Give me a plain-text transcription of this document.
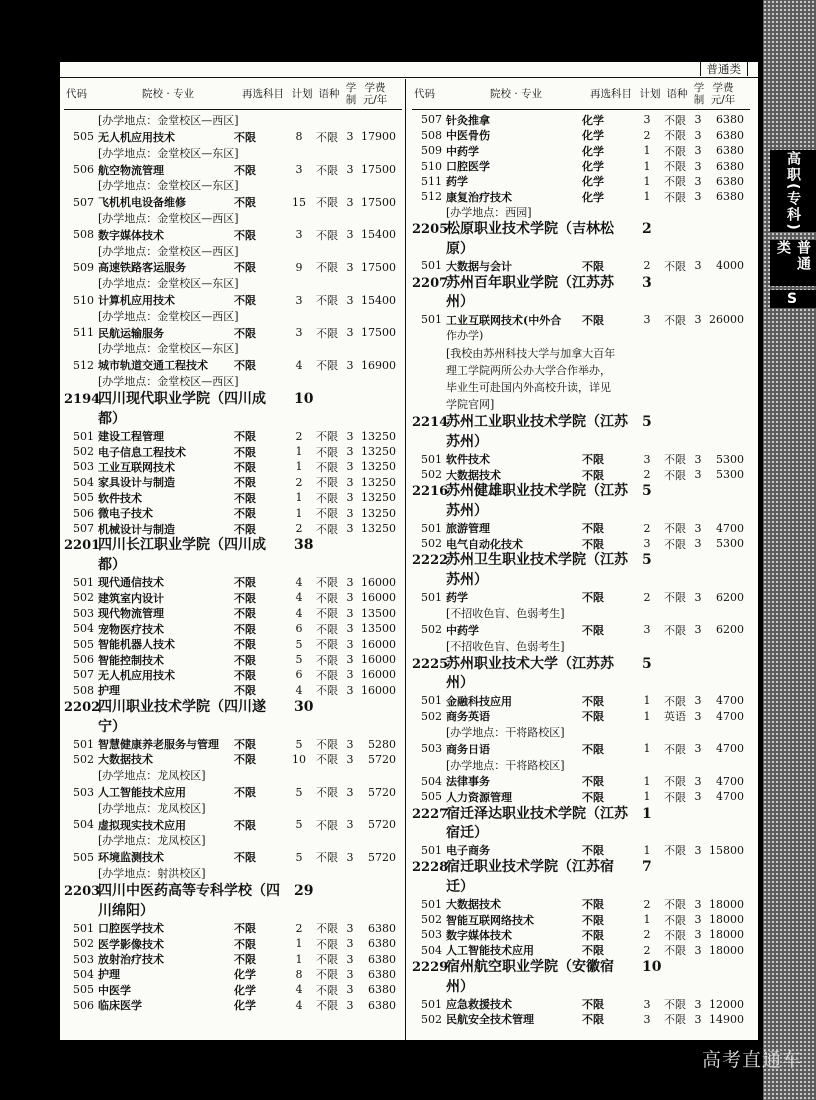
高职(专科)
普通类
S
普通类
代码	院校 · 专业	再选科目 计划 语种 学制
学费元/年
[办学地点：金堂校区—西区]
505 无人机应用技术	不限	8	不限 3 17900
[办学地点：金堂校区—东区]
506 航空物流管理	不限	3	不限 3 17500
[办学地点：金堂校区—东区]
507 飞机机电设备维修	不限	15 不限 3 17500
[办学地点：金堂校区—西区]
508 数字媒体技术	不限	3	不限 3 15400
[办学地点：金堂校区—西区]
509 高速铁路客运服务	不限	9	不限 3 17500
[办学地点：金堂校区—东区]
510 计算机应用技术	不限	3	不限 3 15400
[办学地点：金堂校区—西区]
511 民航运输服务	不限	3	不限 3 17500
[办学地点：金堂校区—东区]
512 城市轨道交通工程技术	不限	4	不限 3 16900
[办学地点：金堂校区—西区]
2194
四川现代职业学院（四川成	10
都）
501 建设工程管理	不限	2	不限 3 13250
502 电子信息工程技术	不限	1	不限 3 13250
503 工业互联网技术	不限	1	不限 3 13250
504 家具设计与制造	不限	2	不限 3 13250
505 软件技术	不限	1	不限 3 13250
506 微电子技术	不限	1	不限 3 13250
507 机械设计与制造	不限	2	不限 3 13250
2201
四川长江职业学院（四川成	38
都）
501 现代通信技术	不限	4	不限 3 16000
502 建筑室内设计	不限	4	不限 3 16000
503 现代物流管理	不限	4	不限 3 13500
504 宠物医疗技术	不限	6	不限 3 13500
505 智能机器人技术	不限	5	不限 3 16000
506 智能控制技术	不限	5	不限 3 16000
507 无人机应用技术	不限	6	不限 3 16000
508 护理	不限	4	不限 3 16000
2202
四川职业技术学院（四川遂	30
宁）
501 智慧健康养老服务与管理	不限	5	不限 3	5280
502 大数据技术	不限	10 不限 3	5720
[办学地点：龙凤校区]
503 人工智能技术应用	不限	5	不限 3	5720
[办学地点：龙凤校区]
504 虚拟现实技术应用	不限	5	不限 3	5720
[办学地点：龙凤校区]
505 环境监测技术	不限	5	不限 3	5720
[办学地点：射洪校区]
2203
四川中医药高等专科学校（四	29
川绵阳）
501 口腔医学技术	不限	2	不限 3	6380
502 医学影像技术	不限	1	不限 3	6380
503 放射治疗技术	不限	1	不限 3	6380
504 护理	化学	8	不限 3	6380
505 中医学	化学	4	不限 3	6380
506 临床医学	化学	4	不限 3	6380
代码	院校 · 专业	再选科目 计划 语种 学制
学费元/年
507 针灸推拿	化学	3	不限 3	6380
508 中医骨伤	化学	2	不限 3	6380
509 中药学	化学	1	不限 3	6380
510 口腔医学	化学	1	不限 3	6380
511 药学	化学	1	不限 3	6380
512 康复治疗技术	化学	1	不限 3	6380
[办学地点：西园]
2205
松原职业技术学院（吉林松	2
原）
501 大数据与会计	不限	2	不限 3	4000
2207
苏州百年职业学院（江苏苏	3
州）
501 工业互联网技术(中外合	不限	3	不限 3 26000
作办学)
[我校由苏州科技大学与加拿大百年
理工学院两所公办大学合作举办，
毕业生可赴国内外高校升读，详见
学院官网]
2214
苏州工业职业技术学院（江苏	5
苏州）
501 软件技术	不限	3	不限 3	5300
502 大数据技术	不限	2	不限 3	5300
2216
苏州健雄职业技术学院（江苏	5
苏州）
501 旅游管理	不限	2	不限 3	4700
502 电气自动化技术	不限	3	不限 3	5300
2222
苏州卫生职业技术学院（江苏	5
苏州）
501 药学	不限	2	不限 3	6200
[不招收色盲、色弱考生]
502 中药学	不限	3	不限 3	6200
[不招收色盲、色弱考生]
2225
苏州职业技术大学（江苏苏	5
州）
501 金融科技应用	不限	1	不限 3	4700
502 商务英语	不限	1	英语 3	4700
[办学地点：干将路校区]
503 商务日语	不限	1	不限 3	4700
[办学地点：干将路校区]
504 法律事务	不限	1	不限 3	4700
505 人力资源管理	不限	1	不限 3	4700
2227
宿迁泽达职业技术学院（江苏	1
宿迁）
501 电子商务	不限	1	不限 3 15800
2228
宿迁职业技术学院（江苏宿	7
迁）
501 大数据技术	不限	2	不限 3 18000
502 智能互联网络技术	不限	1	不限 3 18000
503 数字媒体技术	不限	2	不限 3 18000
504 人工智能技术应用	不限	2	不限 3 18000
2229
宿州航空职业学院（安徽宿	10
州）
501 应急救援技术	不限	3	不限 3 12000
502 民航安全技术管理	不限	3	不限 3 14900
高考直通车
